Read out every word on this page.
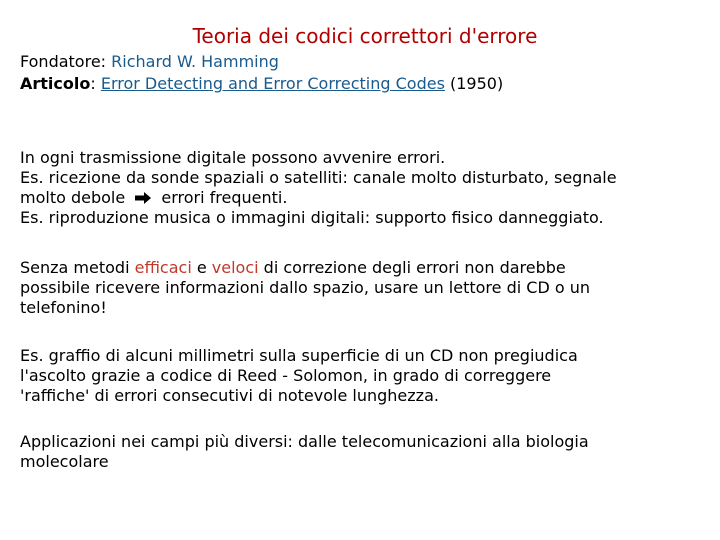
Teoria dei codici correttori d'errore
Fondatore: Richard W. Hamming
Articolo: Error Detecting and Error Correcting Codes (1950)
In ogni trasmissione digitale possono avvenire errori.
Es. ricezione da sonde spaziali o satelliti: canale molto disturbato, segnale
molto debole  errori frequenti.
Es. riproduzione musica o immagini digitali: supporto fisico danneggiato.
Senza metodi efficaci e veloci di correzione degli errori non darebbe
possibile ricevere informazioni dallo spazio, usare un lettore di CD o un
telefonino!
Es. graffio di alcuni millimetri sulla superficie di un CD non pregiudica
l'ascolto grazie a codice di Reed - Solomon, in grado di correggere
'raffiche' di errori consecutivi di notevole lunghezza.
Applicazioni nei campi più diversi: dalle telecomunicazioni alla biologia
molecolare
